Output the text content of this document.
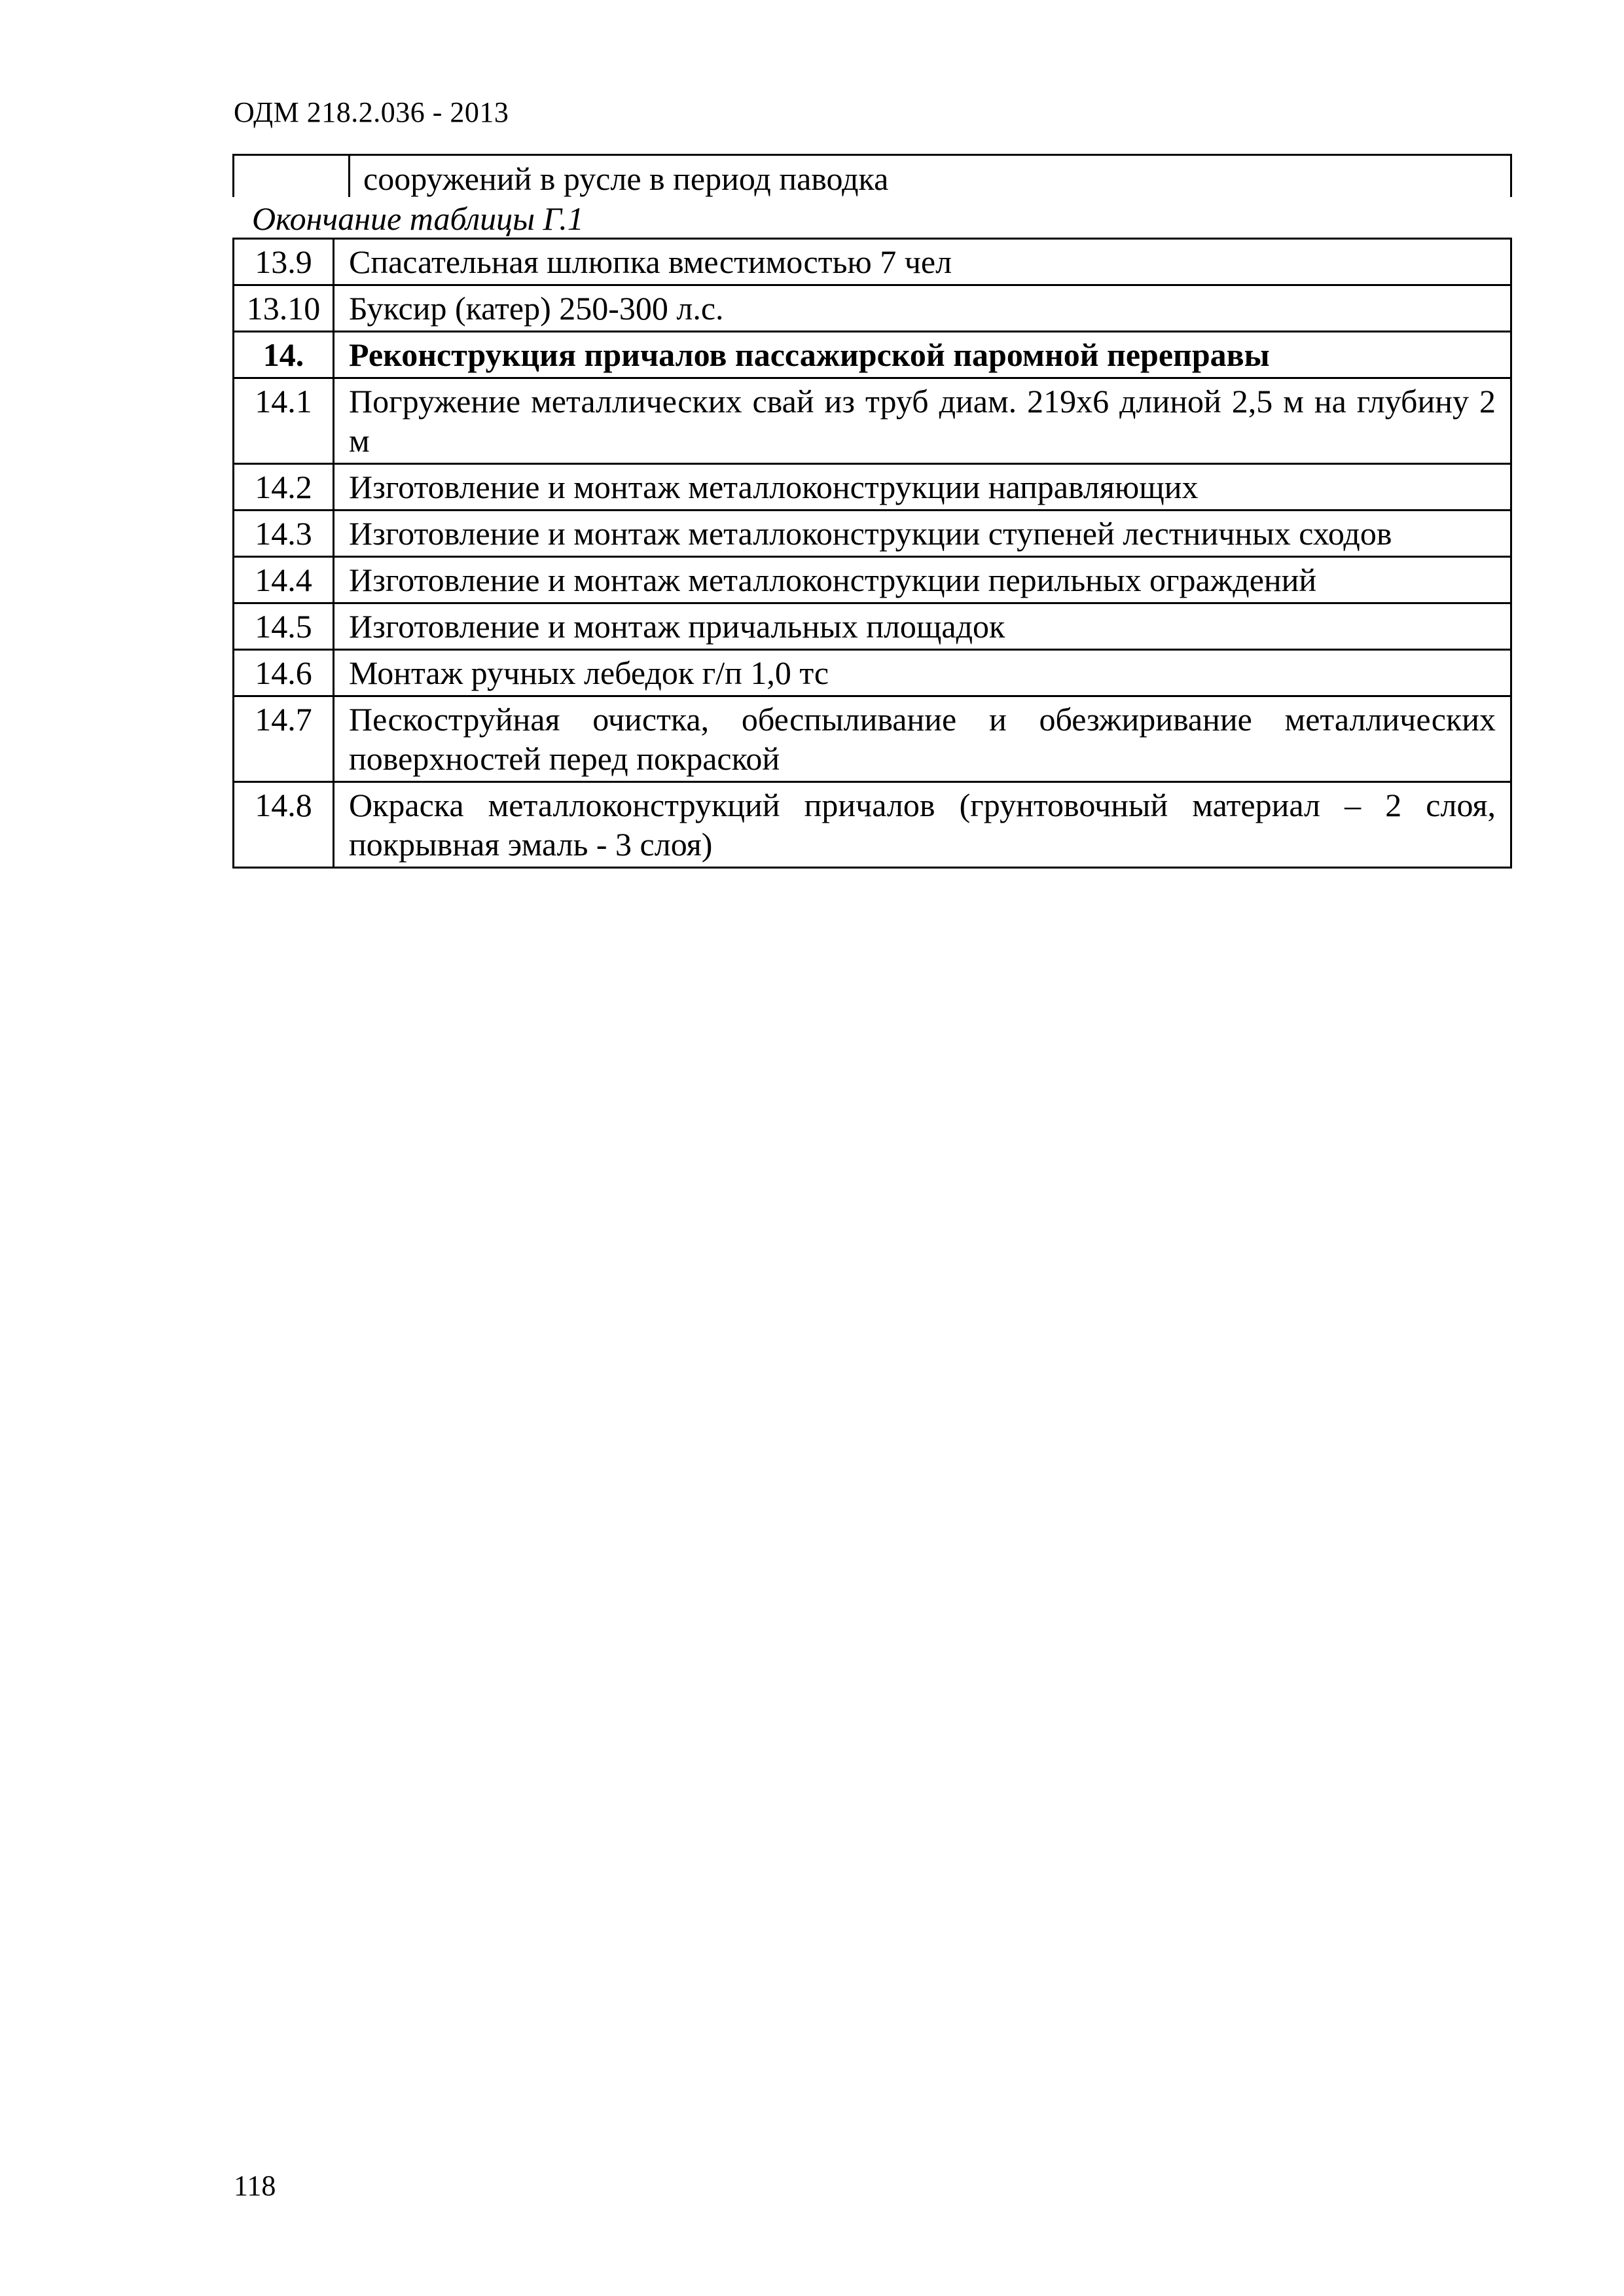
ОДМ 218.2.036 - 2013
сооружений в русле в период паводка
Окончание таблицы Г.1
13.9	Спасательная шлюпка вместимостью 7 чел
13.10	Буксир (катер) 250-300 л.с.
14.	Реконструкция причалов пассажирской паромной переправы
14.1	Погружение металлических свай из труб диам. 219х6 длиной 2,5 м на глубину 2 м
14.2	Изготовление и монтаж металлоконструкции направляющих
14.3	Изготовление и монтаж металлоконструкции ступеней лестничных сходов
14.4	Изготовление и монтаж металлоконструкции перильных ограждений
14.5	Изготовление и монтаж причальных площадок
14.6	Монтаж ручных лебедок г/п 1,0 тс
14.7	Пескоструйная очистка, обеспыливание и обезжиривание металлических поверхностей перед покраской
14.8	Окраска металлоконструкций причалов (грунтовочный материал – 2 слоя, покрывная эмаль - 3 слоя)
118
